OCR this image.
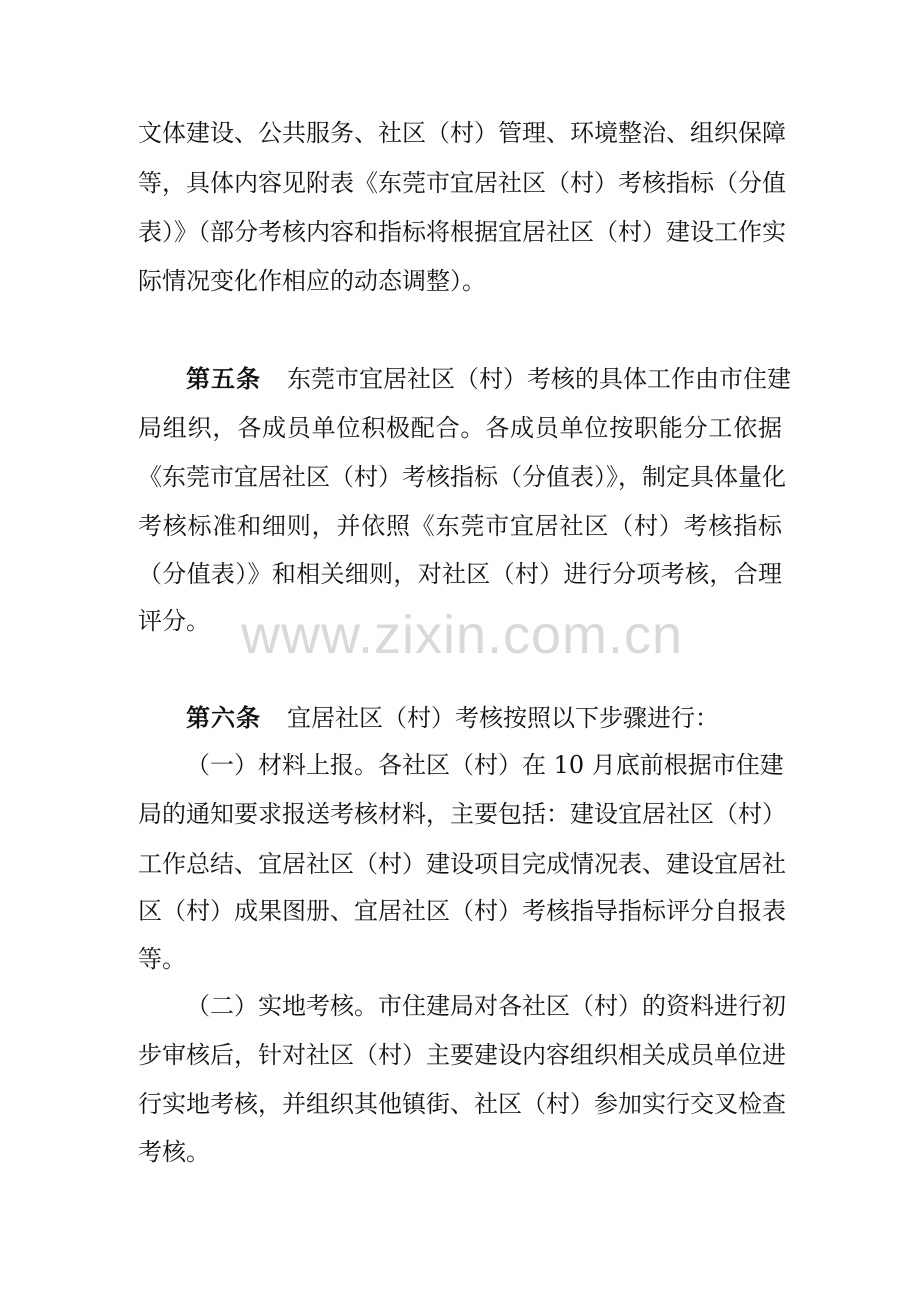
文体建设、公共服务、社区（村）管理、环境整治、组织保障
等，具体内容见附表《东莞市宜居社区（村）考核指标（分值
表）》（部分考核内容和指标将根据宜居社区（村）建设工作实
际情况变化作相应的动态调整）。
第五条 东莞市宜居社区（村）考核的具体工作由市住建
局组织，各成员单位积极配合。各成员单位按职能分工依据
《东莞市宜居社区（村）考核指标（分值表）》，制定具体量化
考核标准和细则，并依照《东莞市宜居社区（村）考核指标
（分值表）》和相关细则，对社区（村）进行分项考核，合理
评分。 www.zixin.com.cn
第六条 宜居社区（村）考核按照以下步骤进行：
（一）材料上报。各社区（村）在 10 月底前根据市住建
局的通知要求报送考核材料，主要包括：建设宜居社区（村）
工作总结、宜居社区（村）建设项目完成情况表、建设宜居社
区（村）成果图册、宜居社区（村）考核指导指标评分自报表
等。
（二）实地考核。市住建局对各社区（村）的资料进行初
步审核后，针对社区（村）主要建设内容组织相关成员单位进
行实地考核，并组织其他镇街、社区（村）参加实行交叉检查
考核。
